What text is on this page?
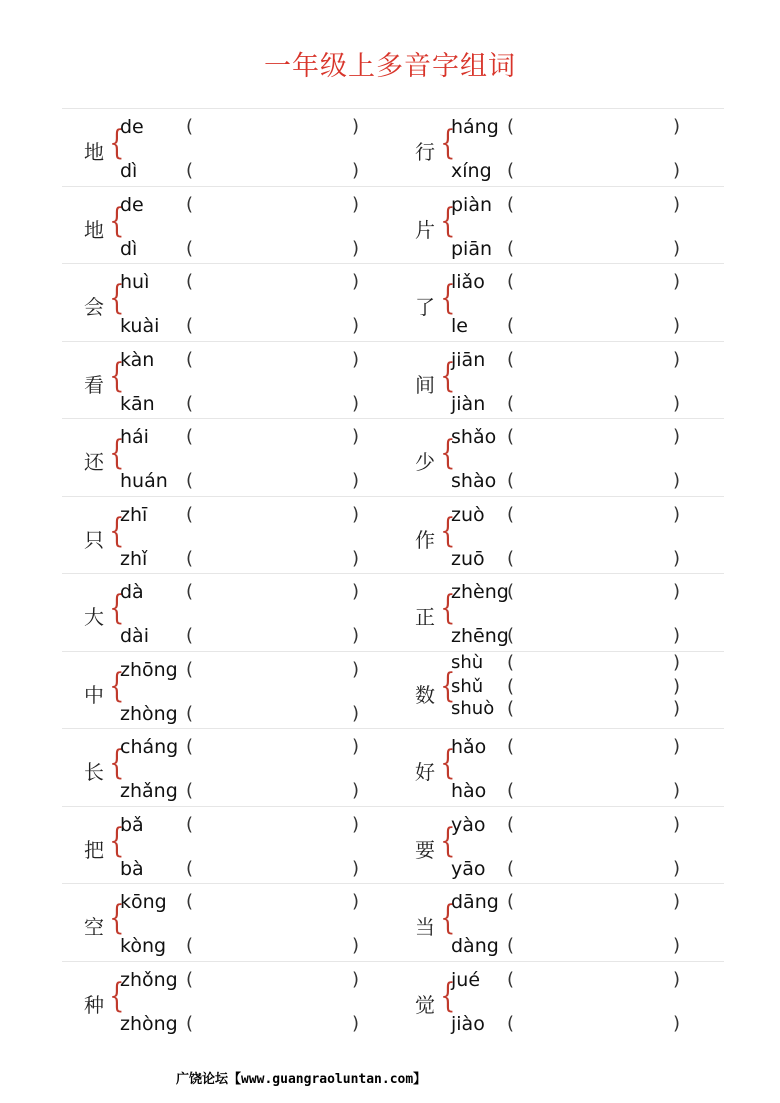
一年级上多音字组词
地 {
de (	)
dì	(	)
行 {
háng (	)
xíng (	)
地 {
de (	)
dì	(	)
片 {
piàn (	)
piān (	)
会 {
huì (	)
kuài (	)
了 {
liǎo (	)
le (	)
看 {
kàn (	)
kān (	)
间 {
jiān (	)
jiàn (	)
还 {
hái (	)
huán (	)
少 {
shǎo (	)
shào (	)
只 {
zhī (	)
zhǐ (	)
作 {
zuò (	)
zuō (	)
大 {
dà (	)
dài (	)
正 {
zhèng
(	)
zhēng
(	)
中 {
zhōng (	)
zhòng (	)
数 {
shù (	)
shǔ (	)
shuò (	)
长 {
cháng (	)
zhǎng (	)
好 {
hǎo (	)
hào (	)
把 {
bǎ (	)
bà (	)
要 {
yào (	)
yāo (	)
空 {
kōng (	)
kòng (	)
当 {
dāng (	)
dàng (	)
种 {
zhǒng (	)
zhòng (	)
觉 {
jué (	)
jiào (	)
广饶论坛【www.guangraoluntan.com】
